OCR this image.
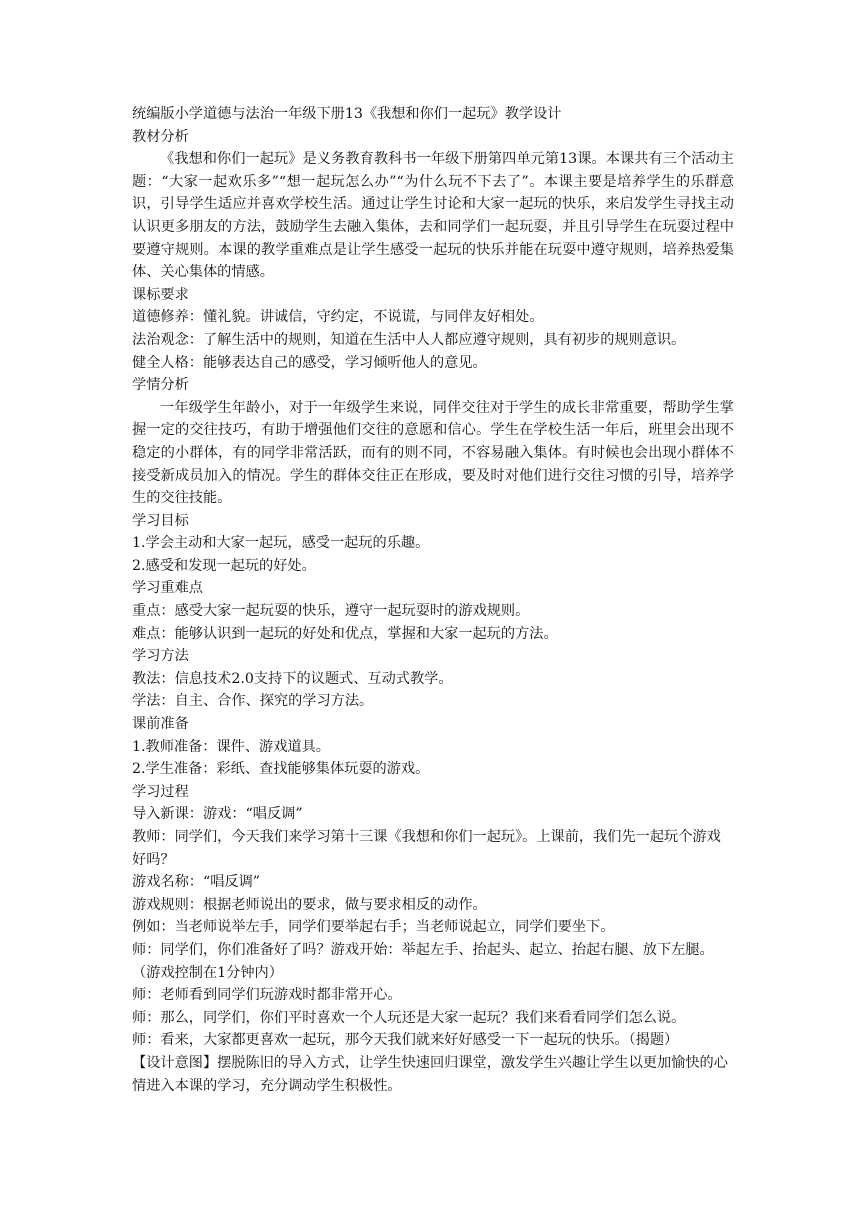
统编版小学道德与法治一年级下册13《我想和你们一起玩》教学设计
教材分析
《我想和你们一起玩》是义务教育教科书一年级下册第四单元第13课。本课共有三个活动主题：“大家一起欢乐多”“想一起玩怎么办”“为什么玩不下去了”。本课主要是培养学生的乐群意识，引导学生适应并喜欢学校生活。通过让学生讨论和大家一起玩的快乐，来启发学生寻找主动认识更多朋友的方法，鼓励学生去融入集体，去和同学们一起玩耍，并且引导学生在玩耍过程中要遵守规则。本课的教学重难点是让学生感受一起玩的快乐并能在玩耍中遵守规则，培养热爱集体、关心集体的情感。
课标要求
道德修养：懂礼貌。讲诚信，守约定，不说谎，与同伴友好相处。
法治观念：了解生活中的规则，知道在生活中人人都应遵守规则，具有初步的规则意识。
健全人格：能够表达自己的感受，学习倾听他人的意见。
学情分析
一年级学生年龄小，对于一年级学生来说，同伴交往对于学生的成长非常重要，帮助学生掌握一定的交往技巧，有助于增强他们交往的意愿和信心。学生在学校生活一年后，班里会出现不稳定的小群体，有的同学非常活跃，而有的则不同，不容易融入集体。有时候也会出现小群体不接受新成员加入的情况。学生的群体交往正在形成，要及时对他们进行交往习惯的引导，培养学生的交往技能。
学习目标
1.学会主动和大家一起玩，感受一起玩的乐趣。
2.感受和发现一起玩的好处。
学习重难点
重点：感受大家一起玩耍的快乐，遵守一起玩耍时的游戏规则。
难点：能够认识到一起玩的好处和优点，掌握和大家一起玩的方法。
学习方法
教法：信息技术2.0支持下的议题式、互动式教学。
学法：自主、合作、探究的学习方法。
课前准备
1.教师准备：课件、游戏道具。
2.学生准备：彩纸、查找能够集体玩耍的游戏。
学习过程
导入新课：游戏：“唱反调”
教师：同学们，今天我们来学习第十三课《我想和你们一起玩》。上课前，我们先一起玩个游戏好吗？
游戏名称：“唱反调”
游戏规则：根据老师说出的要求，做与要求相反的动作。
例如：当老师说举左手，同学们要举起右手；当老师说起立，同学们要坐下。
师：同学们，你们准备好了吗？游戏开始：举起左手、抬起头、起立、抬起右腿、放下左腿。（游戏控制在1分钟内）
师：老师看到同学们玩游戏时都非常开心。
师：那么，同学们，你们平时喜欢一个人玩还是大家一起玩？我们来看看同学们怎么说。
师：看来，大家都更喜欢一起玩，那今天我们就来好好感受一下一起玩的快乐。（揭题）
【设计意图】摆脱陈旧的导入方式，让学生快速回归课堂，激发学生兴趣让学生以更加愉快的心情进入本课的学习，充分调动学生积极性。
